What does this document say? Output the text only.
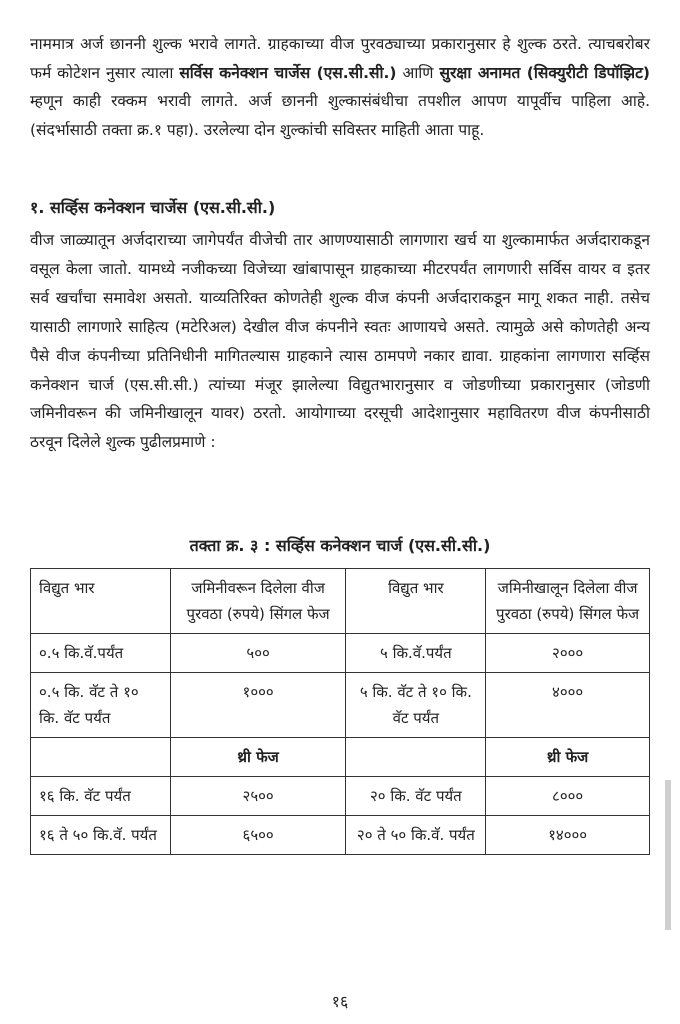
नाममात्र अर्ज छाननी शुल्क भरावे लागते. ग्राहकाच्या वीज पुरवठ्याच्या प्रकारानुसार हे शुल्क ठरते. त्याचबरोबर फर्म कोटेशन नुसार त्याला सर्विस कनेक्शन चार्जेस (एस.सी.सी.) आणि सुरक्षा अनामत (सिक्युरीटी डिपॉझिट) म्हणून काही रक्कम भरावी लागते. अर्ज छाननी शुल्कासंबंधीचा तपशील आपण यापूर्वीच पाहिला आहे. (संदर्भासाठी तक्ता क्र.१ पहा). उरलेल्या दोन शुल्कांची सविस्तर माहिती आता पाहू.

१. सर्व्हिस कनेक्शन चार्जेस (एस.सी.सी.)

वीज जाळ्यातून अर्जदाराच्या जागेपर्यंत वीजेची तार आणण्यासाठी लागणारा खर्च या शुल्कामार्फत अर्जदाराकडून वसूल केला जातो. यामध्ये नजीकच्या विजेच्या खांबापासून ग्राहकाच्या मीटरपर्यंत लागणारी सर्विस वायर व इतर सर्व खर्चांचा समावेश असतो. याव्यतिरिक्त कोणतेही शुल्क वीज कंपनी अर्जदाराकडून मागू शकत नाही. तसेच यासाठी लागणारे साहित्य (मटेरिअल) देखील वीज कंपनीने स्वतः आणायचे असते. त्यामुळे असे कोणतेही अन्य पैसे वीज कंपनीच्या प्रतिनिधीनी मागितल्यास ग्राहकाने त्यास ठामपणे नकार द्यावा. ग्राहकांना लागणारा सर्व्हिस कनेक्शन चार्ज (एस.सी.सी.) त्यांच्या मंजूर झालेल्या विद्युतभारानुसार व जोडणीच्या प्रकारानुसार (जोडणी जमिनीवरून की जमिनीखालून यावर) ठरतो. आयोगाच्या दरसूची आदेशानुसार महावितरण वीज कंपनीसाठी ठरवून दिलेले शुल्क पुढीलप्रमाणे :

तक्ता क्र. ३ : सर्व्हिस कनेक्शन चार्ज (एस.सी.सी.)

विद्युत भार	जमिनीवरून दिलेला वीज पुरवठा (रुपये) सिंगल फेज	विद्युत भार	जमिनीखालून दिलेला वीज पुरवठा (रुपये) सिंगल फेज
०.५ कि.वॅ.पर्यंत	५००	५ कि.वॅ.पर्यंत	२०००
०.५ कि. वॅट ते १० कि. वॅट पर्यंत	१०००	५ कि. वॅट ते १० कि. वॅट पर्यंत	४०००
	थ्री फेज		थ्री फेज
१६ कि. वॅट पर्यंत	२५००	२० कि. वॅट पर्यंत	८०००
१६ ते ५० कि.वॅ. पर्यंत	६५००	२० ते ५० कि.वॅ. पर्यंत	१४०००

१६
